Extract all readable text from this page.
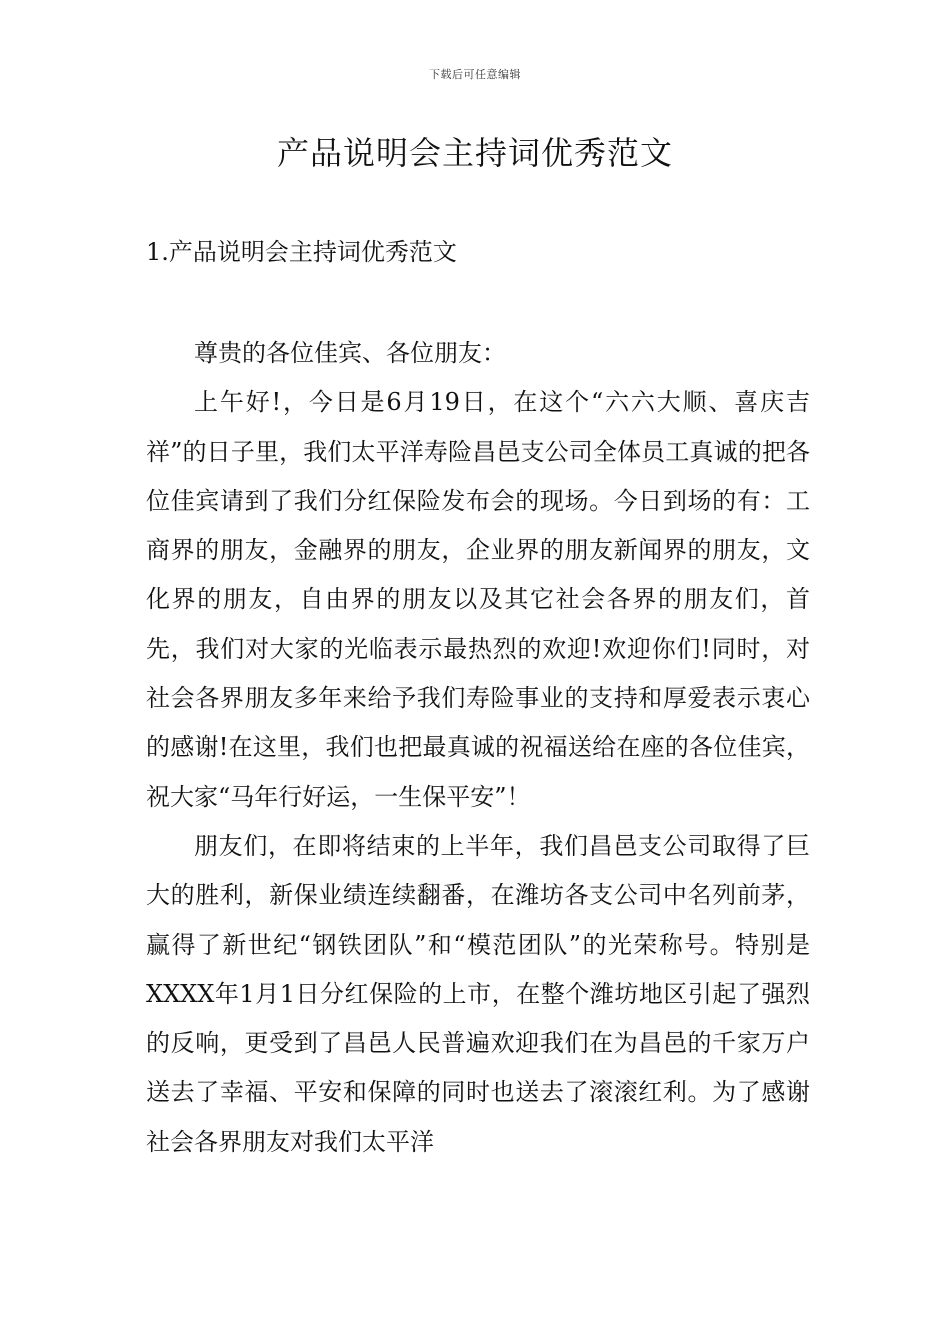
下载后可任意编辑
产品说明会主持词优秀范文
1.产品说明会主持词优秀范文

尊贵的各位佳宾、各位朋友：

上午好!，今日是6月19日，在这个“六六大顺、喜庆吉祥”的日子里，我们太平洋寿险昌邑支公司全体员工真诚的把各位佳宾请到了我们分红保险发布会的现场。今日到场的有：工商界的朋友，金融界的朋友，企业界的朋友新闻界的朋友，文化界的朋友，自由界的朋友以及其它社会各界的朋友们，首先，我们对大家的光临表示最热烈的欢迎!欢迎你们!同时，对社会各界朋友多年来给予我们寿险事业的支持和厚爱表示衷心的感谢!在这里，我们也把最真诚的祝福送给在座的各位佳宾，祝大家“马年行好运，一生保平安”！

朋友们，在即将结束的上半年，我们昌邑支公司取得了巨大的胜利，新保业绩连续翻番，在潍坊各支公司中名列前茅，赢得了新世纪“钢铁团队”和“模范团队”的光荣称号。特别是XXXX年1月1日分红保险的上市，在整个潍坊地区引起了强烈的反响，更受到了昌邑人民普遍欢迎我们在为昌邑的千家万户送去了幸福、平安和保障的同时也送去了滚滚红利。为了感谢社会各界朋友对我们太平洋
